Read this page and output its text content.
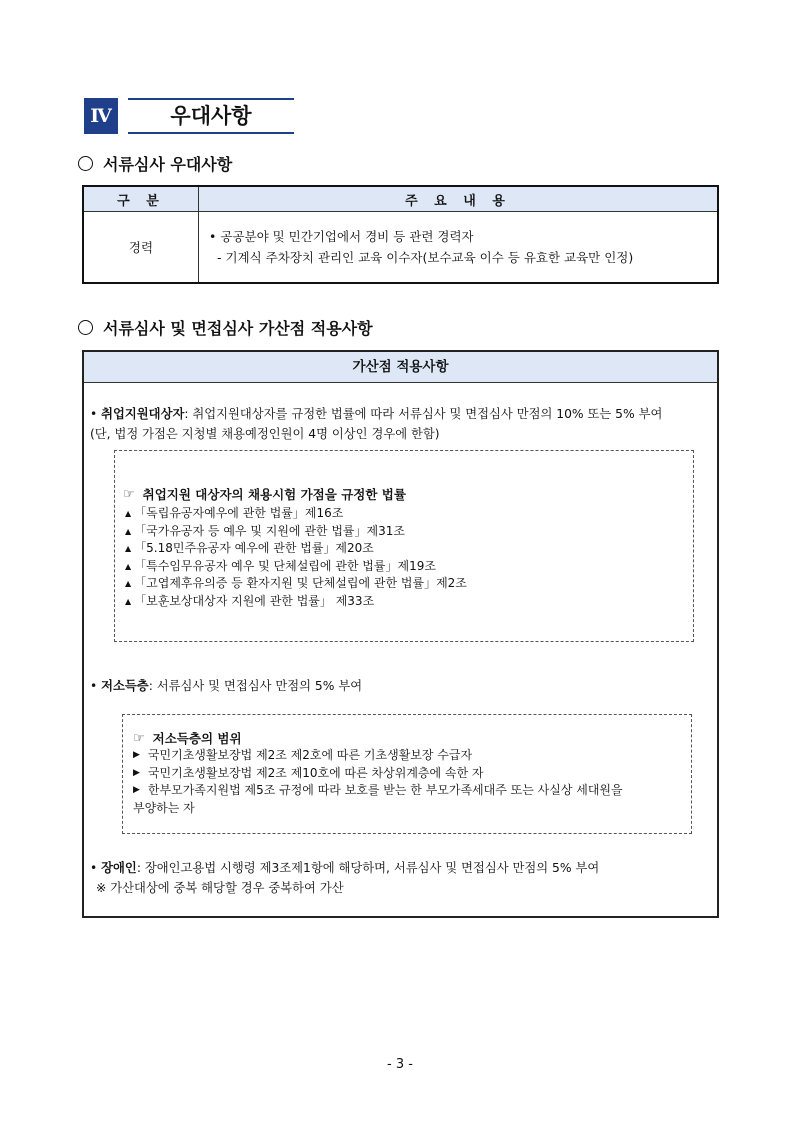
Ⅳ	우대사항
서류심사 우대사항
구 분	주 요 내 용
경력	• 공공분야 및 민간기업에서 경비 등 관련 경력자
- 기계식 주차장치 관리인 교육 이수자(보수교육 이수 등 유효한 교육만 인정)
서류심사 및 면접심사 가산점 적용사항
가산점 적용사항
• 취업지원대상자: 취업지원대상자를 규정한 법률에 따라 서류심사 및 면접심사 만점의 10% 또는 5% 부여
(단, 법정 가점은 지청별 채용예정인원이 4명 이상인 경우에 한함)
☞ 취업지원 대상자의 채용시험 가점을 규정한 법률
▲ 「독립유공자예우에 관한 법률」제16조
▲ 「국가유공자 등 예우 및 지원에 관한 법률」제31조
▲ 「5.18민주유공자 예우에 관한 법률」제20조
▲ 「특수임무유공자 예우 및 단체설립에 관한 법률」제19조
▲ 「고엽제후유의증 등 환자지원 및 단체설립에 관한 법률」제2조
▲ 「보훈보상대상자 지원에 관한 법률」 제33조
• 저소득층: 서류심사 및 면접심사 만점의 5% 부여
☞ 저소득층의 범위
▶ 국민기초생활보장법 제2조 제2호에 따른 기초생활보장 수급자
▶ 국민기초생활보장법 제2조 제10호에 따른 차상위계층에 속한 자
▶ 한부모가족지원법 제5조 규정에 따라 보호를 받는 한 부모가족세대주 또는 사실상 세대원을
부양하는 자
• 장애인: 장애인고용법 시행령 제3조제1항에 해당하며, 서류심사 및 면접심사 만점의 5% 부여
※ 가산대상에 중복 해당할 경우 중복하여 가산
- 3 -
